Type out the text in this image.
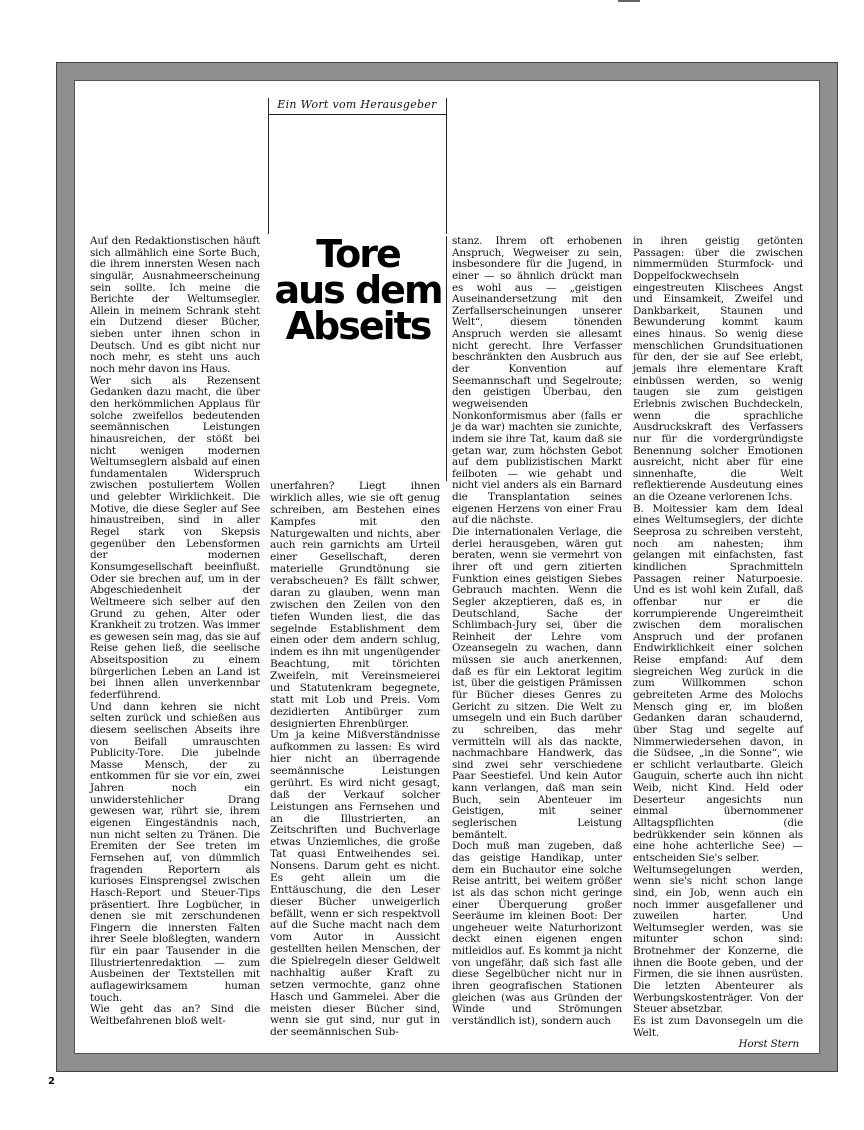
Ein Wort vom Herausgeber
Tore
aus dem
Abseits

Auf den Redaktionstischen häuft sich allmählich eine Sorte Buch, die ihrem innersten Wesen nach singulär, Ausnahmeerscheinung sein sollte. Ich meine die Berichte der Weltumsegler. Allein in meinem Schrank steht ein Dutzend dieser Bücher, sieben unter ihnen schon in Deutsch. Und es gibt nicht nur noch mehr, es steht uns auch noch mehr davon ins Haus.

Wer sich als Rezensent Gedanken dazu macht, die über den herkömmlichen Applaus für solche zweifellos bedeutenden seemännischen Leistungen hinausreichen, der stößt bei nicht wenigen modernen Weltumseglern alsbald auf einen fundamentalen Widerspruch zwischen postuliertem Wollen und gelebter Wirklichkeit. Die Motive, die diese Segler auf See hinaustreiben, sind in aller Regel stark von Skepsis gegenüber den Lebensformen der modernen Konsumgesellschaft beeinflußt. Oder sie brechen auf, um in der Abgeschiedenheit der Weltmeere sich selber auf den Grund zu gehen, Alter oder Krankheit zu trotzen. Was immer es gewesen sein mag, das sie auf Reise gehen ließ, die seelische Abseitsposition zu einem bürgerlichen Leben an Land ist bei ihnen allen unverkennbar federführend.

Und dann kehren sie nicht selten zurück und schießen aus diesem seelischen Abseits ihre von Beifall umrauschten Publicity-Tore. Die jubelnde Masse Mensch, der zu entkommen für sie vor ein, zwei Jahren noch ein unwiderstehlicher Drang gewesen war, rührt sie, ihrem eigenen Eingeständnis nach, nun nicht selten zu Tränen. Die Eremiten der See treten im Fernsehen auf, von dümmlich fragenden Reportern als kurioses Einsprengsel zwischen Hasch-Report und Steuer-Tips präsentiert. Ihre Logbücher, in denen sie mit zerschundenen Fingern die innersten Falten ihrer Seele bloßlegten, wandern für ein paar Tausender in die Illustriertenredaktion — zum Ausbeinen der Textstellen mit auflagewirksamem human touch.

Wie geht das an? Sind die Weltbefahrenen bloß welt-

unerfahren? Liegt ihnen wirklich alles, wie sie oft genug schreiben, am Bestehen eines Kampfes mit den Naturgewalten und nichts, aber auch rein garnichts am Urteil einer Gesellschaft, deren materielle Grundtönung sie verabscheuen? Es fällt schwer, daran zu glauben, wenn man zwischen den Zeilen von den tiefen Wunden liest, die das segelnde Establishment dem einen oder dem andern schlug, indem es ihn mit ungenügender Beachtung, mit törichten Zweifeln, mit Vereinsmeierei und Statutenkram begegnete, statt mit Lob und Preis. Vom dezidierten Antibürger zum designierten Ehrenbürger.

Um ja keine Mißverständnisse aufkommen zu lassen: Es wird hier nicht an überragende seemännische Leistungen gerührt. Es wird nicht gesagt, daß der Verkauf solcher Leistungen ans Fernsehen und an die Illustrierten, an Zeitschriften und Buchverlage etwas Unziemliches, die große Tat quasi Entweihendes sei. Nonsens. Darum geht es nicht. Es geht allein um die Enttäuschung, die den Leser dieser Bücher unweigerlich befällt, wenn er sich respektvoll auf die Suche macht nach dem vom Autor in Aussicht gestellten heilen Menschen, der die Spielregeln dieser Geldwelt nachhaltig außer Kraft zu setzen vermochte, ganz ohne Hasch und Gammelei. Aber die meisten dieser Bücher sind, wenn sie gut sind, nur gut in der seemännischen Sub-

stanz. Ihrem oft erhobenen Anspruch, Wegweiser zu sein, insbesondere für die Jugend, in einer — so ähnlich drückt man es wohl aus — „geistigen Auseinandersetzung mit den Zerfallserscheinungen unserer Welt“, diesem tönenden Anspruch werden sie allesamt nicht gerecht. Ihre Verfasser beschränkten den Ausbruch aus der Konvention auf Seemannschaft und Segelroute; den geistigen Überbau, den wegweisenden Nonkonformismus aber (falls er je da war) machten sie zunichte, indem sie ihre Tat, kaum daß sie getan war, zum höchsten Gebot auf dem publizistischen Markt feilboten — wie gehabt und nicht viel anders als ein Barnard die Transplantation seines eigenen Herzens von einer Frau auf die nächste.

Die internationalen Verlage, die derlei herausgeben, wären gut beraten, wenn sie vermehrt von ihrer oft und gern zitierten Funktion eines geistigen Siebes Gebrauch machten. Wenn die Segler akzeptieren, daß es, in Deutschland, Sache der Schlimbach-Jury sei, über die Reinheit der Lehre vom Ozeansegeln zu wachen, dann müssen sie auch anerkennen, daß es für ein Lektorat legitim ist, über die geistigen Prämissen für Bücher dieses Genres zu Gericht zu sitzen. Die Welt zu umsegeln und ein Buch darüber zu schreiben, das mehr vermitteln will als das nackte, nachmachbare Handwerk, das sind zwei sehr verschiedene Paar Seestiefel. Und kein Autor kann verlangen, daß man sein Buch, sein Abenteuer im Geistigen, mit seiner seglerischen Leistung bemäntelt.

Doch muß man zugeben, daß das geistige Handikap, unter dem ein Buchautor eine solche Reise antritt, bei weitem größer ist als das schon nicht geringe einer Überquerung großer Seeräume im kleinen Boot: Der ungeheuer weite Naturhorizont deckt einen eigenen engen mitleidlos auf. Es kommt ja nicht von ungefähr, daß sich fast alle diese Segelbücher nicht nur in ihren geografischen Stationen gleichen (was aus Gründen der Winde und Strömungen verständlich ist), sondern auch

in ihren geistig getönten Passagen: über die zwischen nimmermüden Sturmfock- und Doppelfockwechseln eingestreuten Klischees Angst und Einsamkeit, Zweifel und Dankbarkeit, Staunen und Bewunderung kommt kaum eines hinaus. So wenig diese menschlichen Grundsituationen für den, der sie auf See erlebt, jemals ihre elementare Kraft einbüssen werden, so wenig taugen sie zum geistigen Erlebnis zwischen Buchdeckeln, wenn die sprachliche Ausdruckskraft des Verfassers nur für die vordergründigste Benennung solcher Emotionen ausreicht, nicht aber für eine sinnenhafte, die Welt reflektierende Ausdeutung eines an die Ozeane verlorenen Ichs.

B. Moitessier kam dem Ideal eines Weltumseglers, der dichte Seeprosa zu schreiben versteht, noch am nahesten; ihm gelangen mit einfachsten, fast kindlichen Sprachmitteln Passagen reiner Naturpoesie. Und es ist wohl kein Zufall, daß offenbar nur er die korrumpierende Ungereimtheit zwischen dem moralischen Anspruch und der profanen Endwirklichkeit einer solchen Reise empfand: Auf dem siegreichen Weg zurück in die zum Willkommen schon gebreiteten Arme des Molochs Mensch ging er, im bloßen Gedanken daran schaudernd, über Stag und segelte auf Nimmerwiedersehen davon, in die Südsee, „in die Sonne“, wie er schlicht verlautbarte. Gleich Gauguin, scherte auch ihn nicht Weib, nicht Kind. Held oder Deserteur angesichts nun einmal übernommener Alltagspflichten (die bedrükkender sein können als eine hohe achterliche See) — entscheiden Sie's selber.

Weltumsegelungen werden, wenn sie's nicht schon lange sind, ein Job, wenn auch ein noch immer ausgefallener und zuweilen harter. Und Weltumsegler werden, was sie mitunter schon sind: Brotnehmer der Konzerne, die ihnen die Boote geben, und der Firmen, die sie ihnen ausrüsten. Die letzten Abenteurer als Werbungskostenträger. Von der Steuer absetzbar.

Es ist zum Davonsegeln um die Welt.

Horst Stern

2
